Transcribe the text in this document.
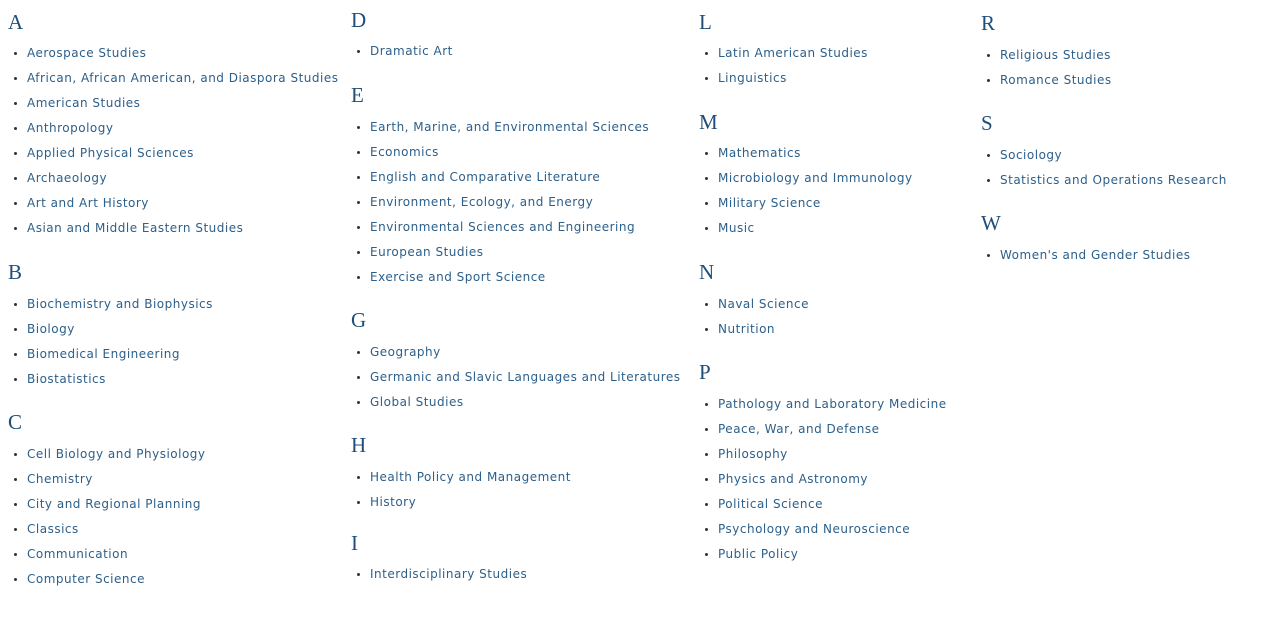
A
Aerospace Studies
African, African American, and Diaspora Studies
American Studies
Anthropology
Applied Physical Sciences
Archaeology
Art and Art History
Asian and Middle Eastern Studies
B
Biochemistry and Biophysics
Biology
Biomedical Engineering
Biostatistics
C
Cell Biology and Physiology
Chemistry
City and Regional Planning
Classics
Communication
Computer Science
D
Dramatic Art
E
Earth, Marine, and Environmental Sciences
Economics
English and Comparative Literature
Environment, Ecology, and Energy
Environmental Sciences and Engineering
European Studies
Exercise and Sport Science
G
Geography
Germanic and Slavic Languages and Literatures
Global Studies
H
Health Policy and Management
History
I
Interdisciplinary Studies
L
Latin American Studies
Linguistics
M
Mathematics
Microbiology and Immunology
Military Science
Music
N
Naval Science
Nutrition
P
Pathology and Laboratory Medicine
Peace, War, and Defense
Philosophy
Physics and Astronomy
Political Science
Psychology and Neuroscience
Public Policy
R
Religious Studies
Romance Studies
S
Sociology
Statistics and Operations Research
W
Women's and Gender Studies
